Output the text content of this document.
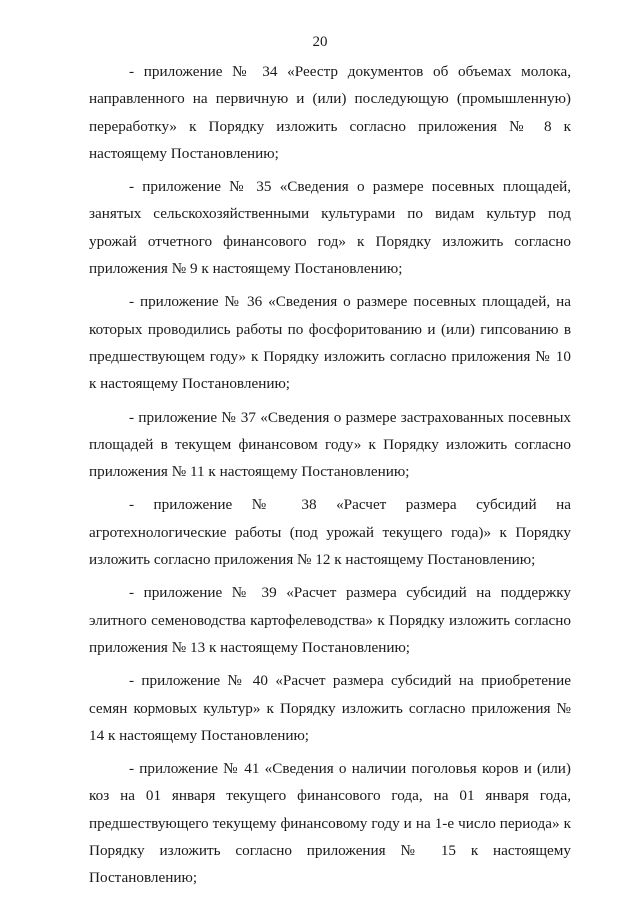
20

- приложение № 34 «Реестр документов об объемах молока, направленного на первичную и (или) последующую (промышленную) переработку» к Порядку изложить согласно приложения № 8 к настоящему Постановлению;

- приложение № 35 «Сведения о размере посевных площадей, занятых сельскохозяйственными культурами по видам культур под урожай отчетного финансового год» к Порядку изложить согласно приложения № 9 к настоящему Постановлению;

- приложение № 36 «Сведения о размере посевных площадей, на которых проводились работы по фосфоритованию и (или) гипсованию в предшествующем году» к Порядку изложить согласно приложения № 10 к настоящему Постановлению;

- приложение № 37 «Сведения о размере застрахованных посевных площадей в текущем финансовом году» к Порядку изложить согласно приложения № 11 к настоящему Постановлению;

- приложение № 38 «Расчет размера субсидий на агротехнологические работы (под урожай текущего года)» к Порядку изложить согласно приложения № 12 к настоящему Постановлению;

- приложение № 39 «Расчет размера субсидий на поддержку элитного семеноводства картофелеводства» к Порядку изложить согласно приложения № 13 к настоящему Постановлению;

- приложение № 40 «Расчет размера субсидий на приобретение семян кормовых культур» к Порядку изложить согласно приложения № 14 к настоящему Постановлению;

- приложение № 41 «Сведения о наличии поголовья коров и (или) коз на 01 января текущего финансового года, на 01 января года, предшествующего текущему финансовому году и на 1-е число периода» к Порядку изложить согласно приложения № 15 к настоящему Постановлению;
